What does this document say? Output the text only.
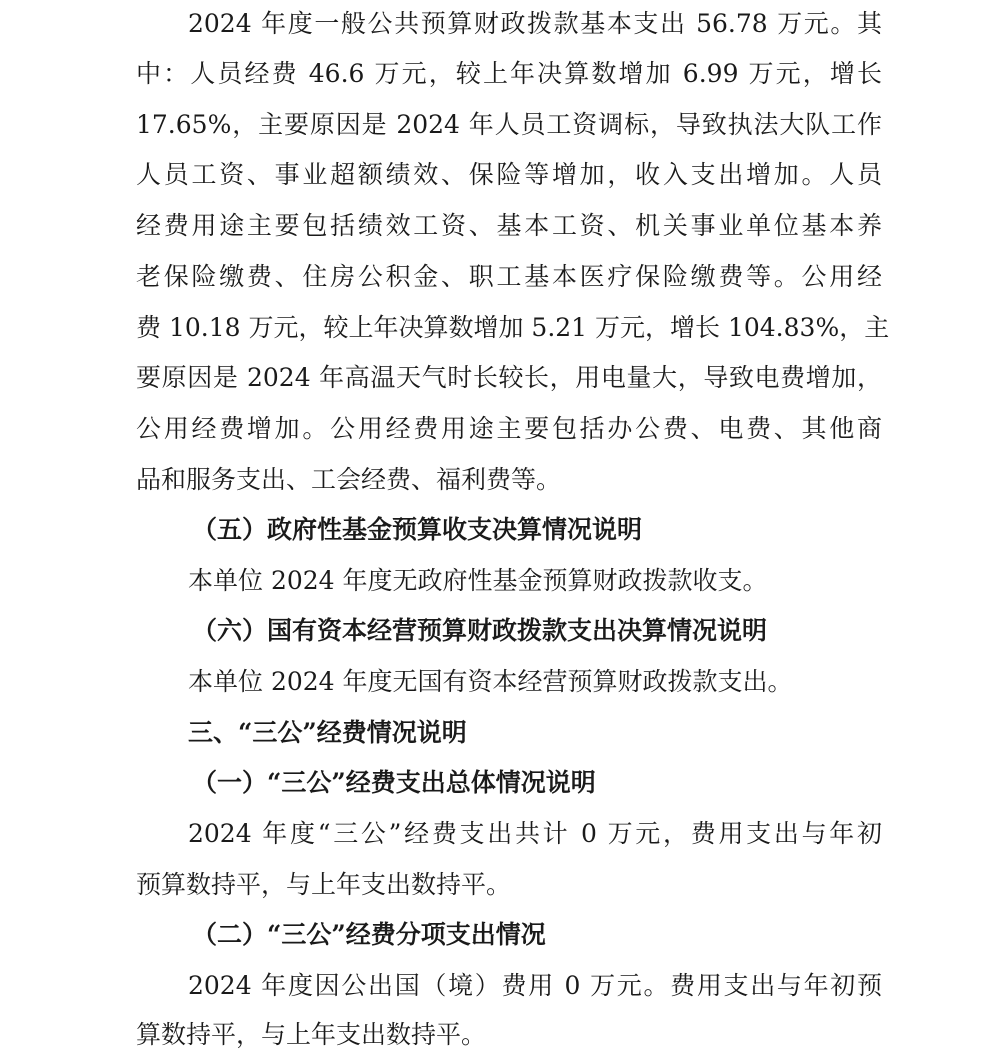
2024 年度一般公共预算财政拨款基本支出 56.78 万元。其
中：人员经费 46.6 万元，较上年决算数增加 6.99 万元，增长
17.65%，主要原因是 2024 年人员工资调标，导致执法大队工作
人员工资、事业超额绩效、保险等增加，收入支出增加。人员
经费用途主要包括绩效工资、基本工资、机关事业单位基本养
老保险缴费、住房公积金、职工基本医疗保险缴费等。公用经
费 10.18 万元，较上年决算数增加 5.21 万元，增长 104.83%，主
要原因是 2024 年高温天气时长较长，用电量大，导致电费增加，
公用经费增加。公用经费用途主要包括办公费、电费、其他商
品和服务支出、工会经费、福利费等。
（五）政府性基金预算收支决算情况说明
本单位 2024 年度无政府性基金预算财政拨款收支。
（六）国有资本经营预算财政拨款支出决算情况说明
本单位 2024 年度无国有资本经营预算财政拨款支出。
三、“三公”经费情况说明
（一）“三公”经费支出总体情况说明
2024 年度“三公”经费支出共计 0 万元，费用支出与年初
预算数持平，与上年支出数持平。
（二）“三公”经费分项支出情况
2024 年度因公出国（境）费用 0 万元。费用支出与年初预
算数持平，与上年支出数持平。
